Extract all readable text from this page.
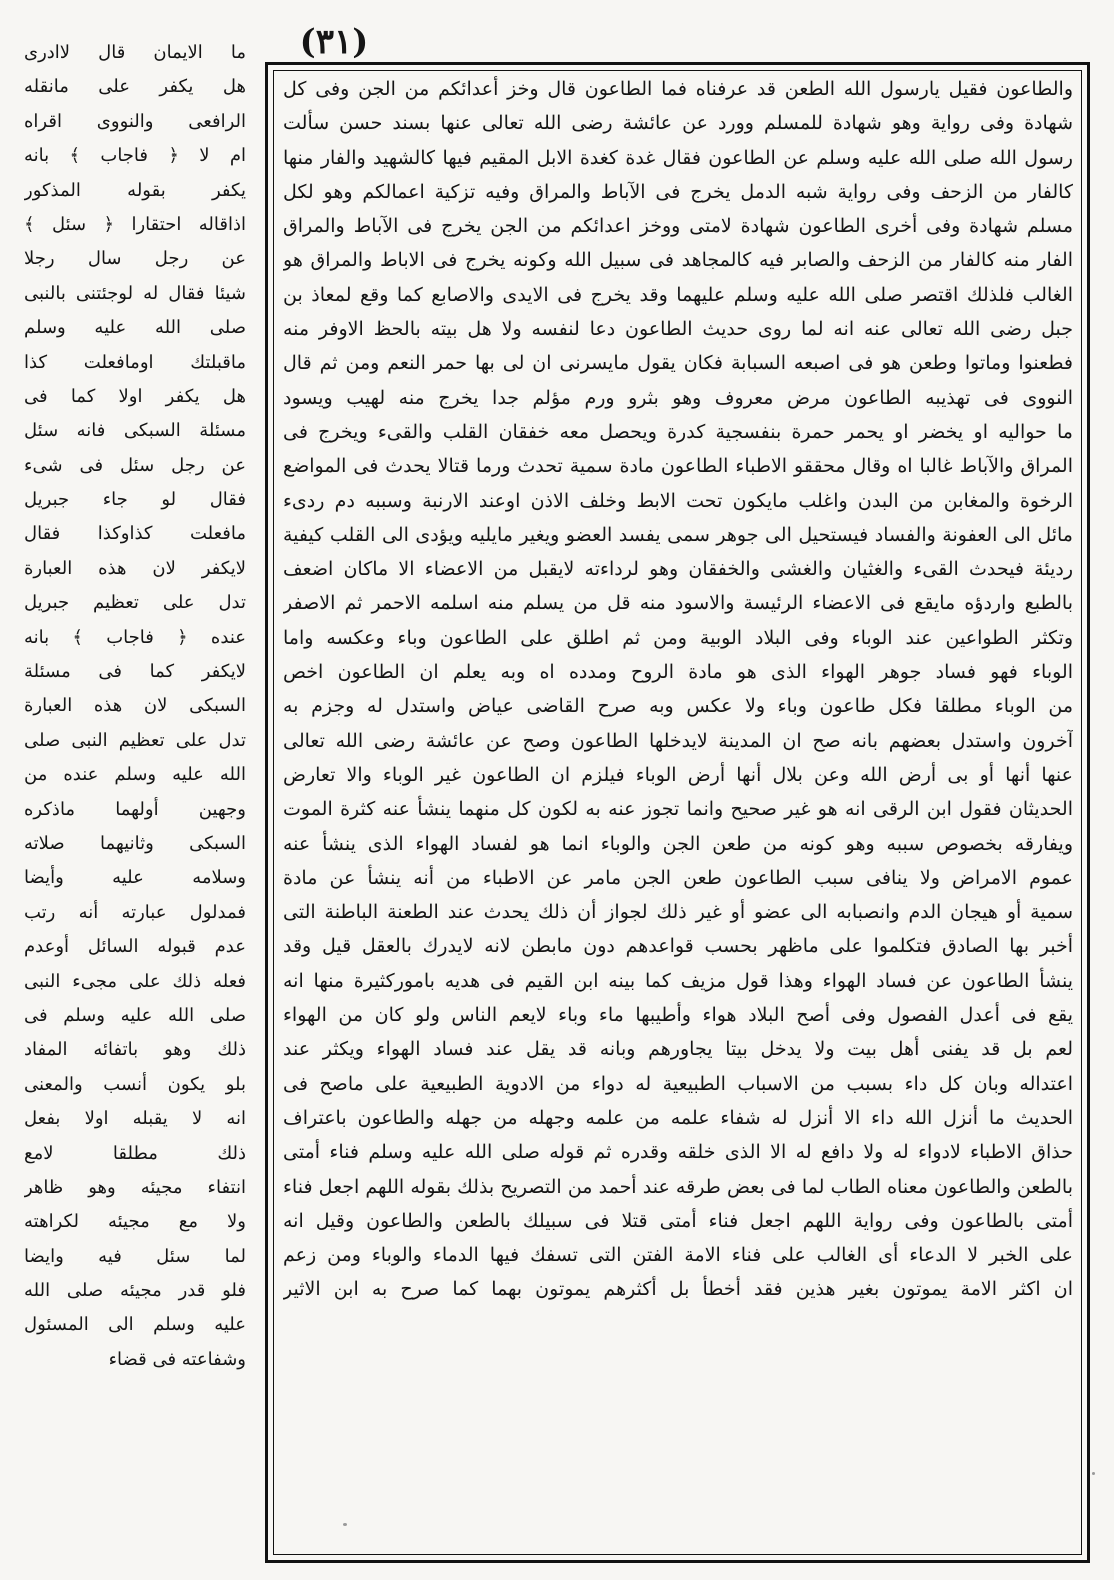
(٣١)
والطاعون فقيل يارسول الله الطعن قد عرفناه فما الطاعون قال وخز أعدائكم من الجن وفى كل
شهادة وفى رواية وهو شهادة للمسلم وورد عن عائشة رضى الله تعالى عنها بسند حسن سألت
رسول الله صلى الله عليه وسلم عن الطاعون فقال غدة كغدة الابل المقيم فيها كالشهيد والفار منها
كالفار من الزحف وفى رواية شبه الدمل يخرج فى الآباط والمراق وفيه تزكية اعمالكم وهو لكل
مسلم شهادة وفى أخرى الطاعون شهادة لامتى ووخز اعدائكم من الجن يخرج فى الآباط والمراق
الفار منه كالفار من الزحف والصابر فيه كالمجاهد فى سبيل الله وكونه يخرج فى الاباط والمراق هو
الغالب فلذلك اقتصر صلى الله عليه وسلم عليهما وقد يخرج فى الايدى والاصابع كما وقع لمعاذ بن
جبل رضى الله تعالى عنه انه لما روى حديث الطاعون دعا لنفسه ولا هل بيته بالحظ الاوفر منه
فطعنوا وماتوا وطعن هو فى اصبعه السبابة فكان يقول مايسرنى ان لى بها حمر النعم ومن ثم قال
النووى فى تهذيبه الطاعون مرض معروف وهو بثرو ورم مؤلم جدا يخرج منه لهيب ويسود
ما حواليه او يخضر او يحمر حمرة بنفسجية كدرة ويحصل معه خفقان القلب والقىء ويخرج فى
المراق والآباط غالبا اه وقال محققو الاطباء الطاعون مادة سمية تحدث ورما قتالا يحدث فى المواضع
الرخوة والمغابن من البدن واغلب مايكون تحت الابط وخلف الاذن اوعند الارنبة وسببه دم ردىء
مائل الى العفونة والفساد فيستحيل الى جوهر سمى يفسد العضو ويغير مايليه ويؤدى الى القلب كيفية
رديئة فيحدث القىء والغثيان والغشى والخفقان وهو لرداءته لايقبل من الاعضاء الا ماكان اضعف
بالطبع واردؤه مايقع فى الاعضاء الرئيسة والاسود منه قل من يسلم منه اسلمه الاحمر ثم الاصفر
وتكثر الطواعين عند الوباء وفى البلاد الوبية ومن ثم اطلق على الطاعون وباء وعكسه واما
الوباء فهو فساد جوهر الهواء الذى هو مادة الروح ومدده اه وبه يعلم ان الطاعون اخص
من الوباء مطلقا فكل طاعون وباء ولا عكس وبه صرح القاضى عياض واستدل له وجزم به
آخرون واستدل بعضهم بانه صح ان المدينة لايدخلها الطاعون وصح عن عائشة رضى الله تعالى
عنها أنها أو بى أرض الله وعن بلال أنها أرض الوباء فيلزم ان الطاعون غير الوباء والا تعارض
الحديثان فقول ابن الرقى انه هو غير صحيح وانما تجوز عنه به لكون كل منهما ينشأ عنه كثرة الموت
ويفارقه بخصوص سببه وهو كونه من طعن الجن والوباء انما هو لفساد الهواء الذى ينشأ عنه
عموم الامراض ولا ينافى سبب الطاعون طعن الجن مامر عن الاطباء من أنه ينشأ عن مادة
سمية أو هيجان الدم وانصبابه الى عضو أو غير ذلك لجواز أن ذلك يحدث عند الطعنة الباطنة التى
أخبر بها الصادق فتكلموا على ماظهر بحسب قواعدهم دون مابطن لانه لايدرك بالعقل قيل وقد
ينشأ الطاعون عن فساد الهواء وهذا قول مزيف كما بينه ابن القيم فى هديه باموركثيرة منها انه
يقع فى أعدل الفصول وفى أصح البلاد هواء وأطيبها ماء وباء لايعم الناس ولو كان من الهواء
لعم بل قد يفنى أهل بيت ولا يدخل بيتا يجاورهم وبانه قد يقل عند فساد الهواء ويكثر عند
اعتداله وبان كل داء بسبب من الاسباب الطبيعية له دواء من الادوية الطبيعية على ماصح فى
الحديث ما أنزل الله داء الا أنزل له شفاء علمه من علمه وجهله من جهله والطاعون باعتراف
حذاق الاطباء لادواء له ولا دافع له الا الذى خلقه وقدره ثم قوله صلى الله عليه وسلم فناء أمتى
بالطعن والطاعون معناه الطاب لما فى بعض طرقه عند أحمد من التصريح بذلك بقوله اللهم اجعل فناء
أمتى بالطاعون وفى رواية اللهم اجعل فناء أمتى قتلا فى سبيلك بالطعن والطاعون وقيل انه
على الخبر لا الدعاء أى الغالب على فناء الامة الفتن التى تسفك فيها الدماء والوباء ومن زعم
ان اكثر الامة يموتون بغير هذين فقد أخطأ بل أكثرهم يموتون بهما كما صرح به ابن الاثير
ما الايمان قال لاادرى
هل يكفر على مانقله
الرافعى والنووى اقراه
ام لا ﴿ فاجاب ﴾ بانه
يكفر بقوله المذكور
اذاقاله احتقارا ﴿ سئل ﴾
عن رجل سال رجلا
شيئا فقال له لوجئتنى بالنبى
صلى الله عليه وسلم
ماقبلتك اومافعلت كذا
هل يكفر اولا كما فى
مسئلة السبكى فانه سئل
عن رجل سئل فى شىء
فقال لو جاء جبريل
مافعلت كذاوكذا فقال
لايكفر لان هذه العبارة
تدل على تعظيم جبريل
عنده ﴿ فاجاب ﴾ بانه
لايكفر كما فى مسئلة
السبكى لان هذه العبارة
تدل على تعظيم النبى صلى
الله عليه وسلم عنده من
وجهين أولهما ماذكره
السبكى وثانيهما صلاته
وسلامه عليه وأيضا
فمدلول عبارته أنه رتب
عدم قبوله السائل أوعدم
فعله ذلك على مجىء النبى
صلى الله عليه وسلم فى
ذلك وهو باتفائه المفاد
بلو يكون أنسب والمعنى
انه لا يقبله اولا بفعل
ذلك مطلقا لامع
انتفاء مجيئه وهو ظاهر
ولا مع مجيئه لكراهته
لما سئل فيه وايضا
فلو قدر مجيئه صلى الله
عليه وسلم الى المسئول
وشفاعته فى قضاء
